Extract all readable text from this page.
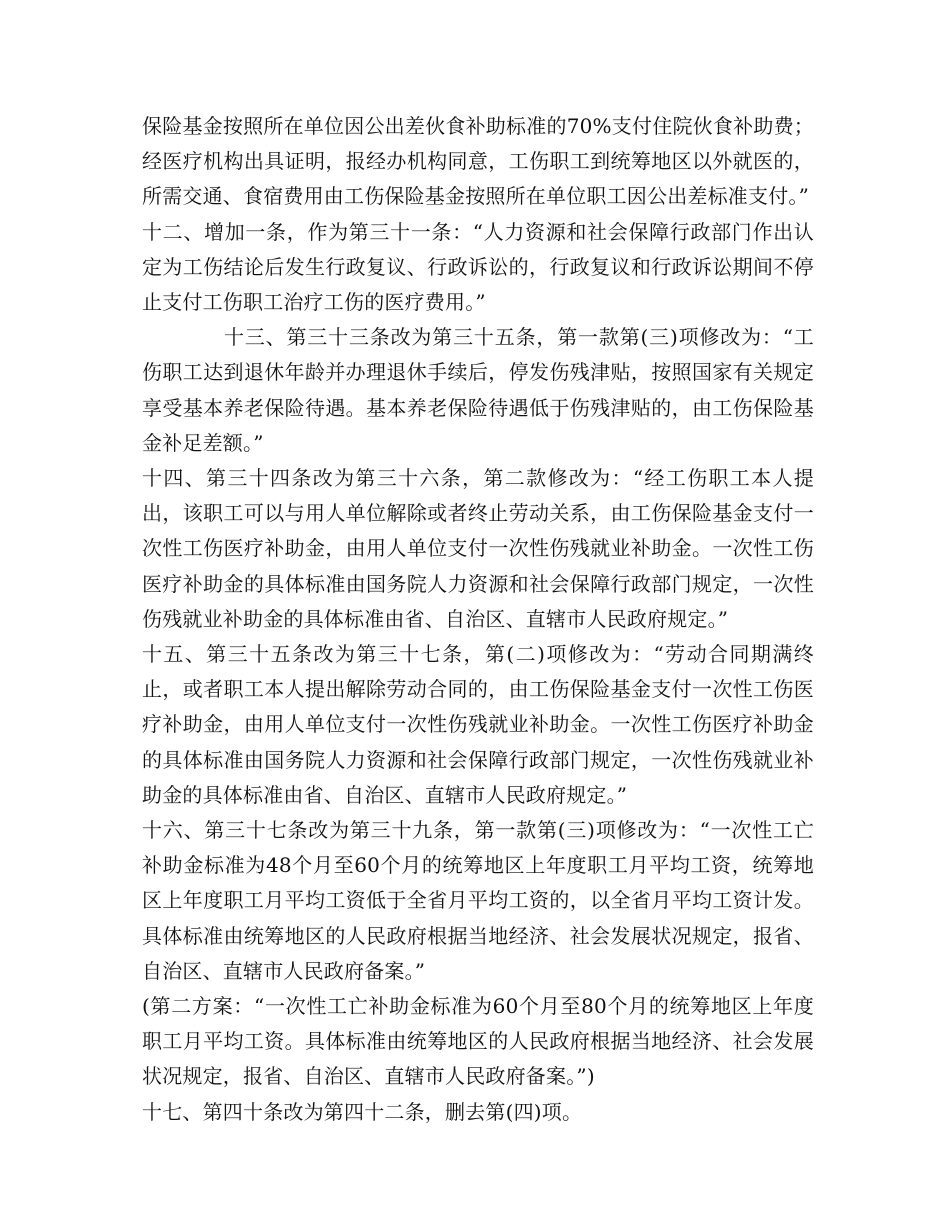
保险基金按照所在单位因公出差伙食补助标准的70%支付住院伙食补助费；经医疗机构出具证明，报经办机构同意，工伤职工到统筹地区以外就医的，所需交通、食宿费用由工伤保险基金按照所在单位职工因公出差标准支付。”

十二、增加一条，作为第三十一条：“人力资源和社会保障行政部门作出认定为工伤结论后发生行政复议、行政诉讼的，行政复议和行政诉讼期间不停止支付工伤职工治疗工伤的医疗费用。”

十三、第三十三条改为第三十五条，第一款第(三)项修改为：“工伤职工达到退休年龄并办理退休手续后，停发伤残津贴，按照国家有关规定享受基本养老保险待遇。基本养老保险待遇低于伤残津贴的，由工伤保险基金补足差额。”

十四、第三十四条改为第三十六条，第二款修改为：“经工伤职工本人提出，该职工可以与用人单位解除或者终止劳动关系，由工伤保险基金支付一次性工伤医疗补助金，由用人单位支付一次性伤残就业补助金。一次性工伤医疗补助金的具体标准由国务院人力资源和社会保障行政部门规定，一次性伤残就业补助金的具体标准由省、自治区、直辖市人民政府规定。”

十五、第三十五条改为第三十七条，第(二)项修改为：“劳动合同期满终止，或者职工本人提出解除劳动合同的，由工伤保险基金支付一次性工伤医疗补助金，由用人单位支付一次性伤残就业补助金。一次性工伤医疗补助金的具体标准由国务院人力资源和社会保障行政部门规定，一次性伤残就业补助金的具体标准由省、自治区、直辖市人民政府规定。”

十六、第三十七条改为第三十九条，第一款第(三)项修改为：“一次性工亡补助金标准为48个月至60个月的统筹地区上年度职工月平均工资，统筹地区上年度职工月平均工资低于全省月平均工资的，以全省月平均工资计发。具体标准由统筹地区的人民政府根据当地经济、社会发展状况规定，报省、自治区、直辖市人民政府备案。”

(第二方案：“一次性工亡补助金标准为60个月至80个月的统筹地区上年度职工月平均工资。具体标准由统筹地区的人民政府根据当地经济、社会发展状况规定，报省、自治区、直辖市人民政府备案。”)

十七、第四十条改为第四十二条，删去第(四)项。
